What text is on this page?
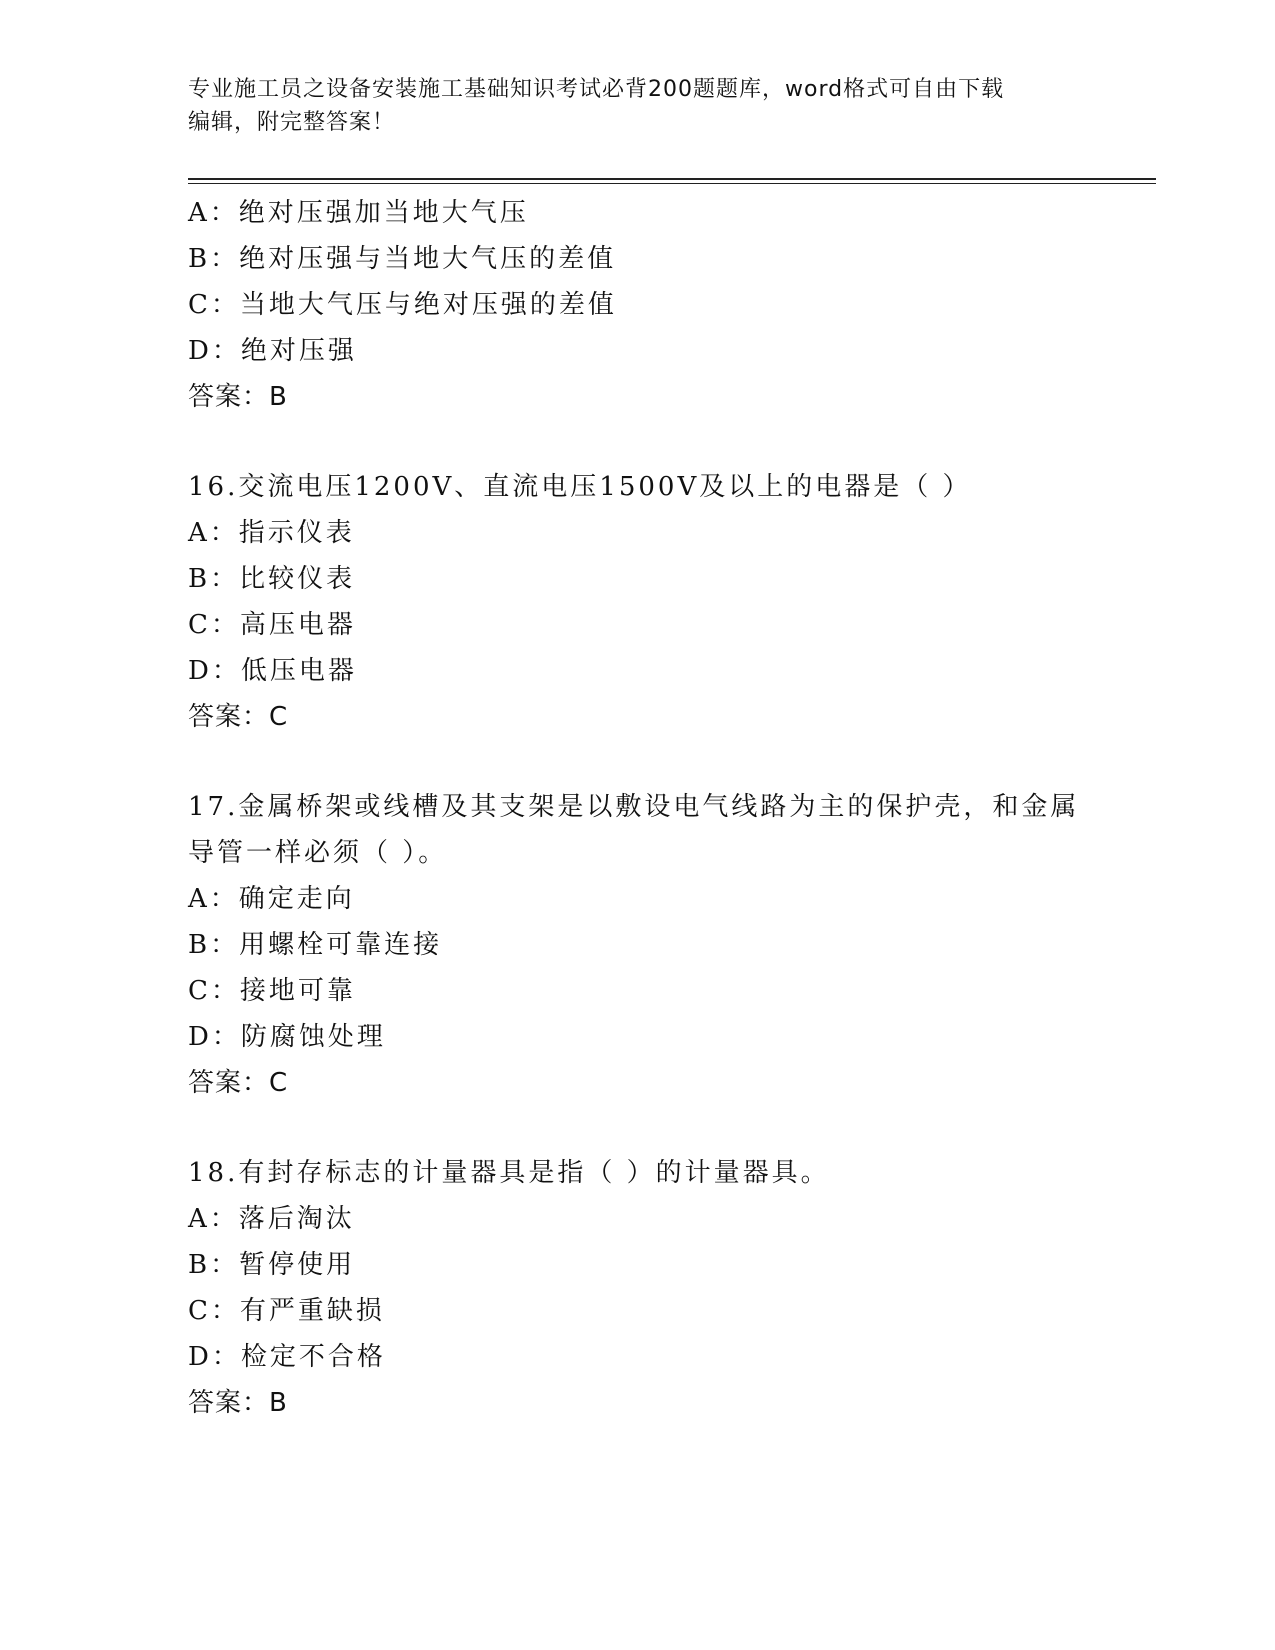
专业施工员之设备安装施工基础知识考试必背200题题库，word格式可自由下载
编辑，附完整答案！
A：绝对压强加当地大气压
B：绝对压强与当地大气压的差值
C：当地大气压与绝对压强的差值
D：绝对压强
答案：B
16.交流电压1200V、直流电压1500V及以上的电器是（ ）
A：指示仪表
B：比较仪表
C：高压电器
D：低压电器
答案：C
17.金属桥架或线槽及其支架是以敷设电气线路为主的保护壳，和金属
导管一样必须（ ）。
A：确定走向
B：用螺栓可靠连接
C：接地可靠
D：防腐蚀处理
答案：C
18.有封存标志的计量器具是指（ ）的计量器具。
A：落后淘汰
B：暂停使用
C：有严重缺损
D：检定不合格
答案：B
